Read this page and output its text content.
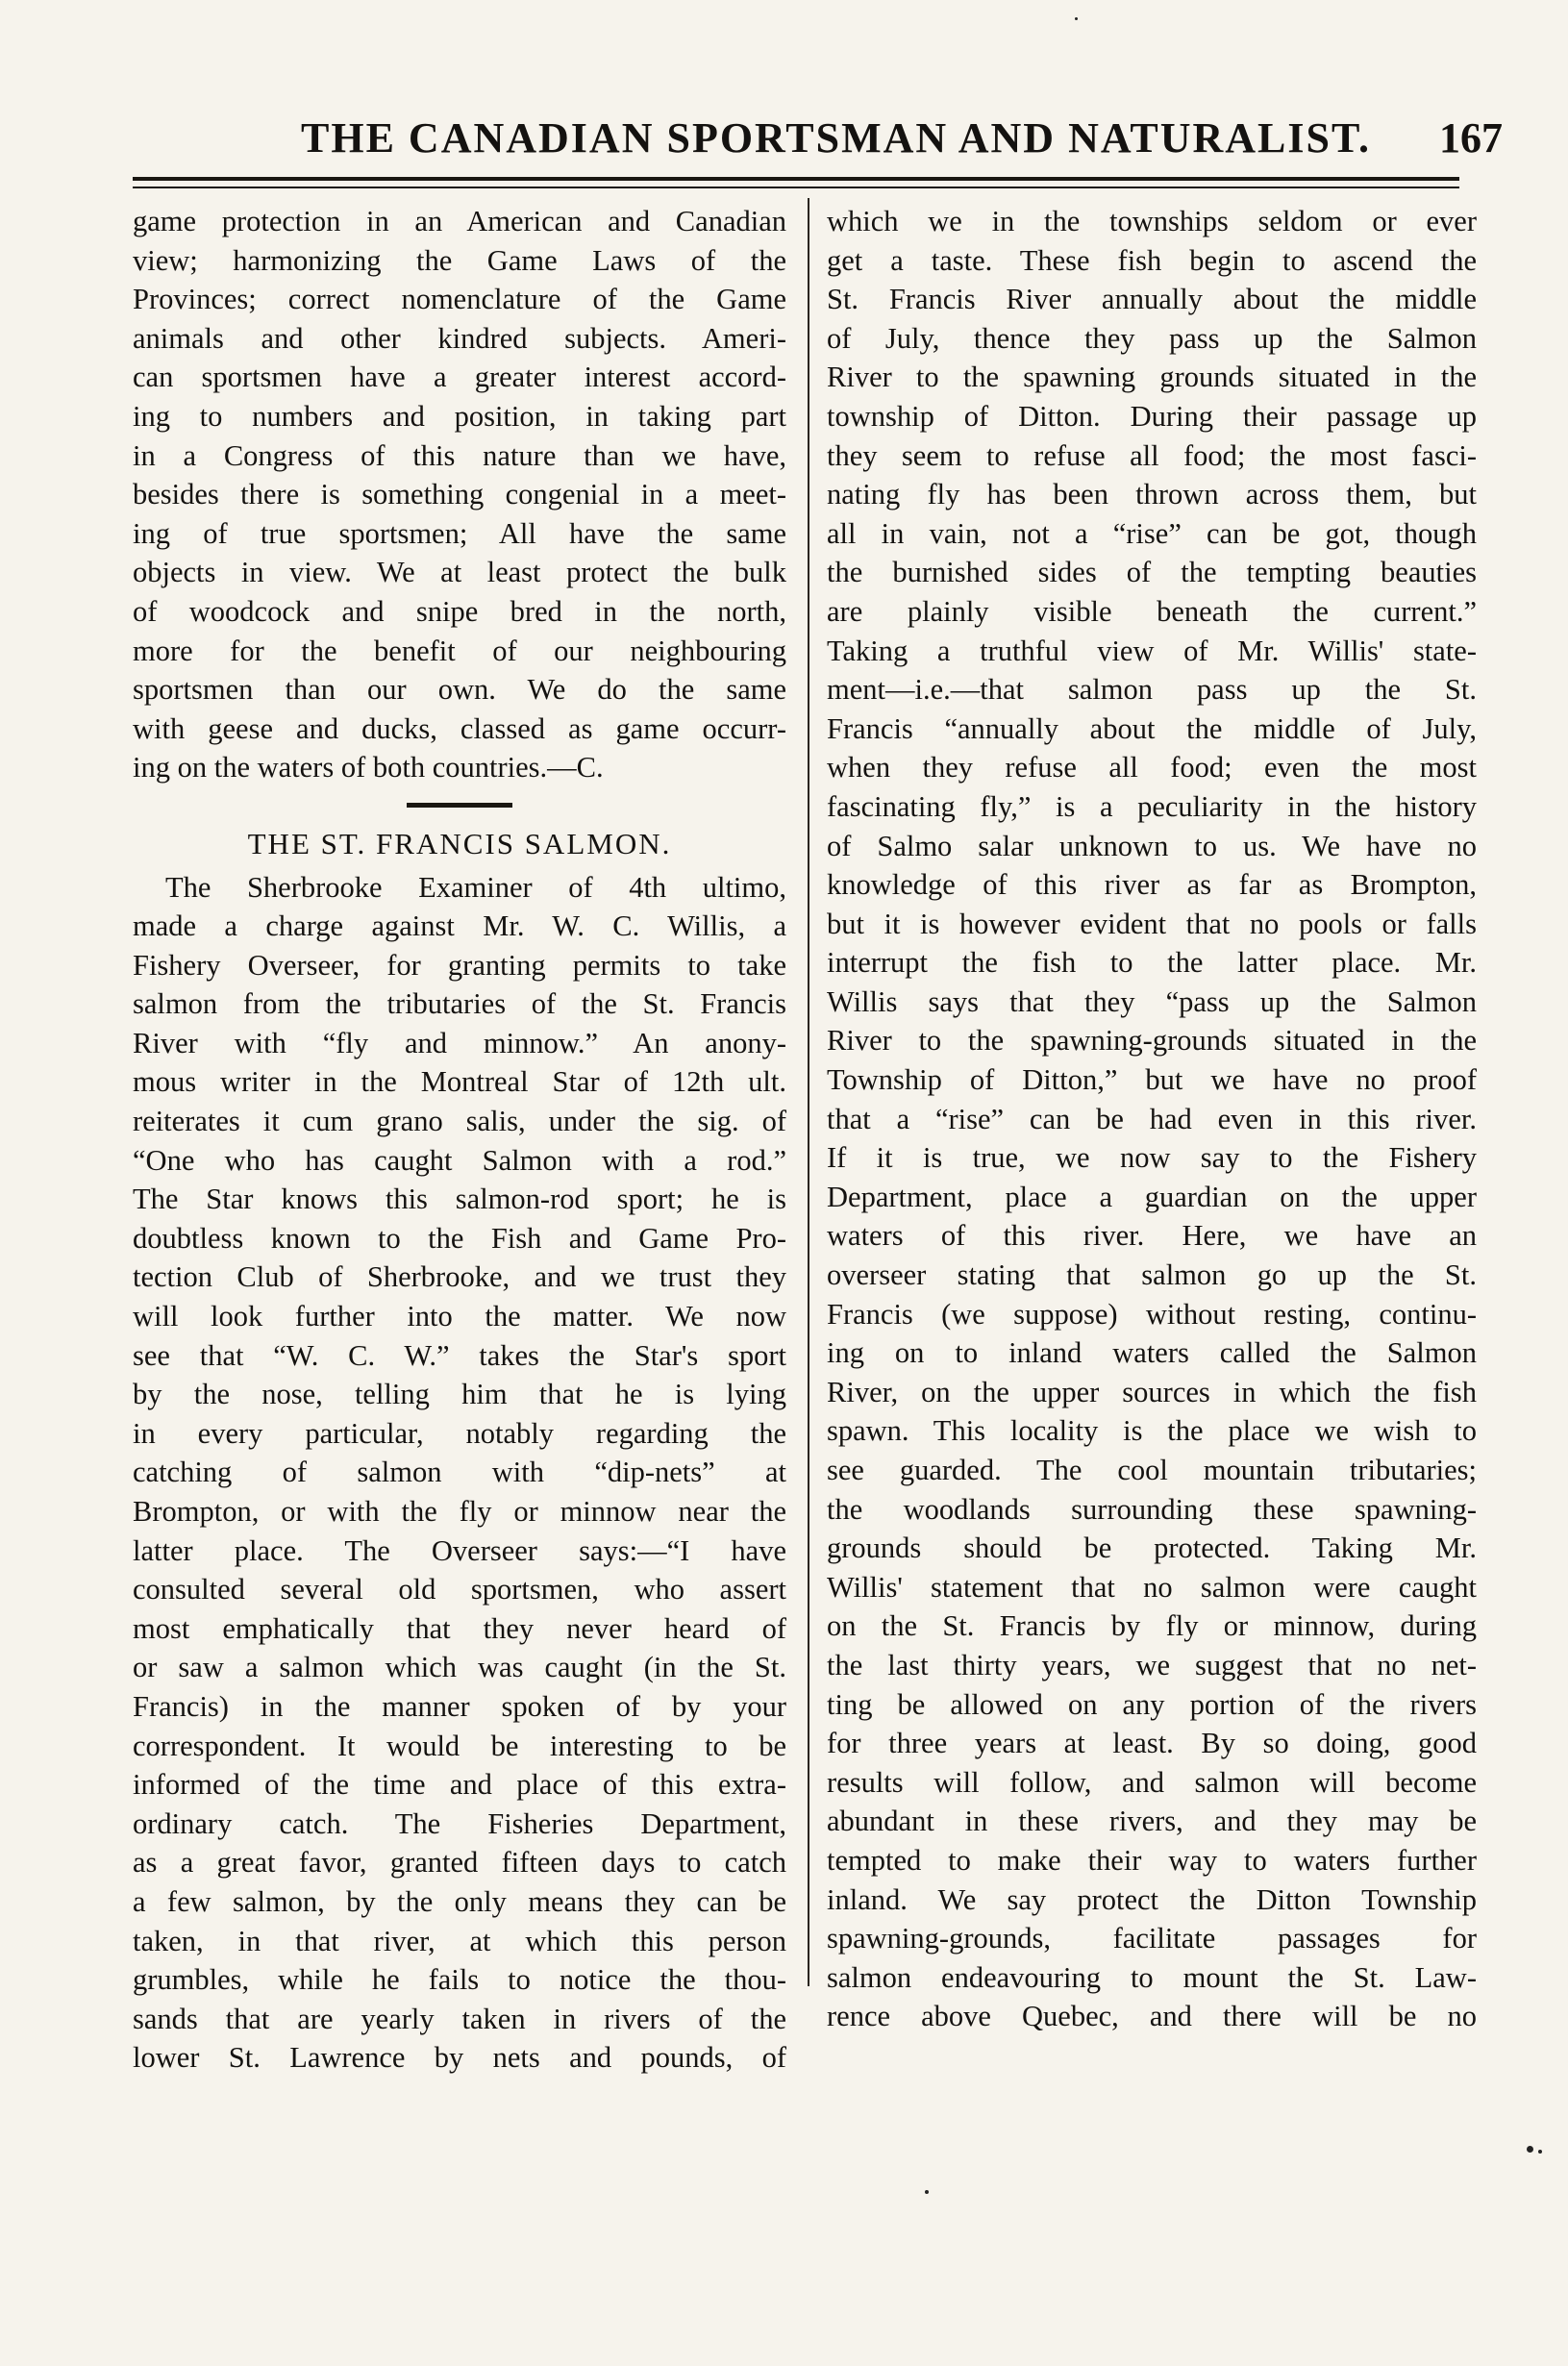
THE CANADIAN SPORTSMAN AND NATURALIST. 167
game protection in an American and Canadian
view; harmonizing the Game Laws of the
Provinces; correct nomenclature of the Game
animals and other kindred subjects. Ameri-
can sportsmen have a greater interest accord-
ing to numbers and position, in taking part
in a Congress of this nature than we have,
besides there is something congenial in a meet-
ing of true sportsmen; All have the same
objects in view. We at least protect the bulk
of woodcock and snipe bred in the north,
more for the benefit of our neighbouring
sportsmen than our own. We do the same
with geese and ducks, classed as game occurr-
ing on the waters of both countries.—C.
THE ST. FRANCIS SALMON.
The Sherbrooke Examiner of 4th ultimo,
made a charge against Mr. W. C. Willis, a
Fishery Overseer, for granting permits to take
salmon from the tributaries of the St. Francis
River with “fly and minnow.” An anony-
mous writer in the Montreal Star of 12th ult.
reiterates it cum grano salis, under the sig. of
“One who has caught Salmon with a rod.”
The Star knows this salmon-rod sport; he is
doubtless known to the Fish and Game Pro-
tection Club of Sherbrooke, and we trust they
will look further into the matter. We now
see that “W. C. W.” takes the Star's sport
by the nose, telling him that he is lying
in every particular, notably regarding the
catching of salmon with “dip-nets” at
Brompton, or with the fly or minnow near the
latter place. The Overseer says:—“I have
consulted several old sportsmen, who assert
most emphatically that they never heard of
or saw a salmon which was caught (in the St.
Francis) in the manner spoken of by your
correspondent. It would be interesting to be
informed of the time and place of this extra-
ordinary catch. The Fisheries Department,
as a great favor, granted fifteen days to catch
a few salmon, by the only means they can be
taken, in that river, at which this person
grumbles, while he fails to notice the thou-
sands that are yearly taken in rivers of the
lower St. Lawrence by nets and pounds, of
which we in the townships seldom or ever
get a taste. These fish begin to ascend the
St. Francis River annually about the middle
of July, thence they pass up the Salmon
River to the spawning grounds situated in the
township of Ditton. During their passage up
they seem to refuse all food; the most fasci-
nating fly has been thrown across them, but
all in vain, not a “rise” can be got, though
the burnished sides of the tempting beauties
are plainly visible beneath the current.”
Taking a truthful view of Mr. Willis' state-
ment—i.e.—that salmon pass up the St.
Francis “annually about the middle of July,
when they refuse all food; even the most
fascinating fly,” is a peculiarity in the history
of Salmo salar unknown to us. We have no
knowledge of this river as far as Brompton,
but it is however evident that no pools or falls
interrupt the fish to the latter place. Mr.
Willis says that they “pass up the Salmon
River to the spawning-grounds situated in the
Township of Ditton,” but we have no proof
that a “rise” can be had even in this river.
If it is true, we now say to the Fishery
Department, place a guardian on the upper
waters of this river. Here, we have an
overseer stating that salmon go up the St.
Francis (we suppose) without resting, continu-
ing on to inland waters called the Salmon
River, on the upper sources in which the fish
spawn. This locality is the place we wish to
see guarded. The cool mountain tributaries;
the woodlands surrounding these spawning-
grounds should be protected. Taking Mr.
Willis' statement that no salmon were caught
on the St. Francis by fly or minnow, during
the last thirty years, we suggest that no net-
ting be allowed on any portion of the rivers
for three years at least. By so doing, good
results will follow, and salmon will become
abundant in these rivers, and they may be
tempted to make their way to waters further
inland. We say protect the Ditton Township
spawning-grounds, facilitate passages for
salmon endeavouring to mount the St. Law-
rence above Quebec, and there will be no
